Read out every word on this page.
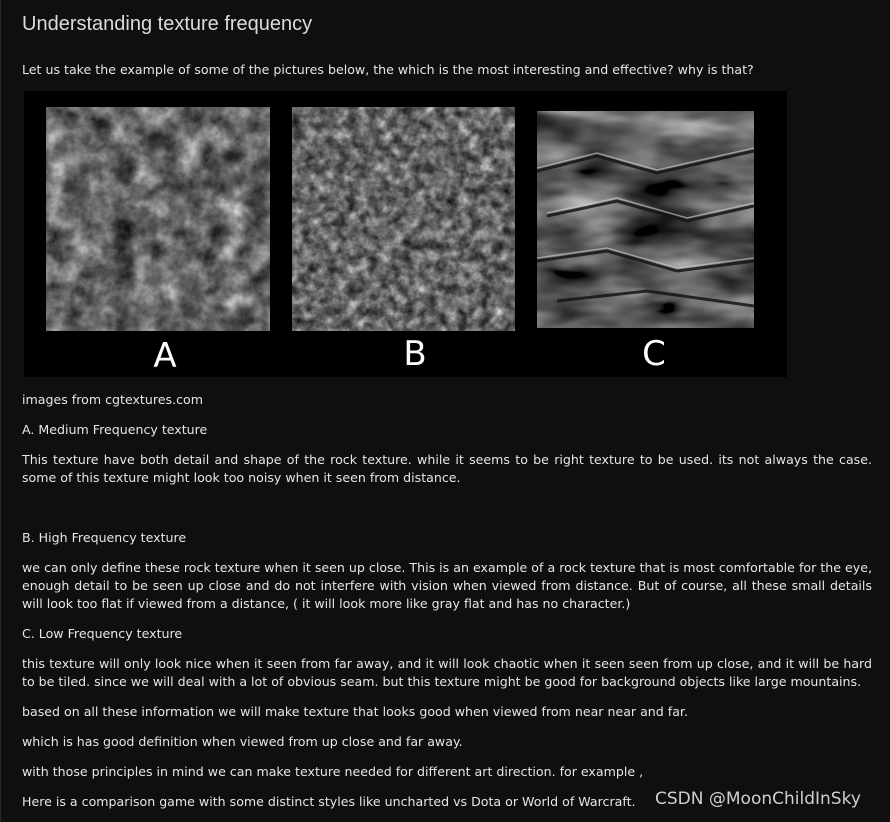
Understanding texture frequency
Let us take the example of some of the pictures below, the which is the most interesting and effective? why is that?
A	B	C
images from cgtextures.com
A. Medium Frequency texture
This texture have both detail and shape of the rock texture. while it seems to be right texture to be used. its not always the case. some of this texture might look too noisy when it seen from distance.
B. High Frequency texture
we can only define these rock texture when it seen up close. This is an example of a rock texture that is most comfortable for the eye, enough detail to be seen up close and do not interfere with vision when viewed from distance. But of course, all these small details will look too flat if viewed from a distance, ( it will look more like gray flat and has no character.)
C. Low Frequency texture
this texture will only look nice when it seen from far away, and it will look chaotic when it seen seen from up close, and it will be hard to be tiled. since we will deal with a lot of obvious seam. but this texture might be good for background objects like large mountains.
based on all these information we will make texture that looks good when viewed from near near and far.
which is has good definition when viewed from up close and far away.
with those principles in mind we can make texture needed for different art direction. for example ,
Here is a comparison game with some distinct styles like uncharted vs Dota or World of Warcraft.	CSDN @MoonChildInSky
